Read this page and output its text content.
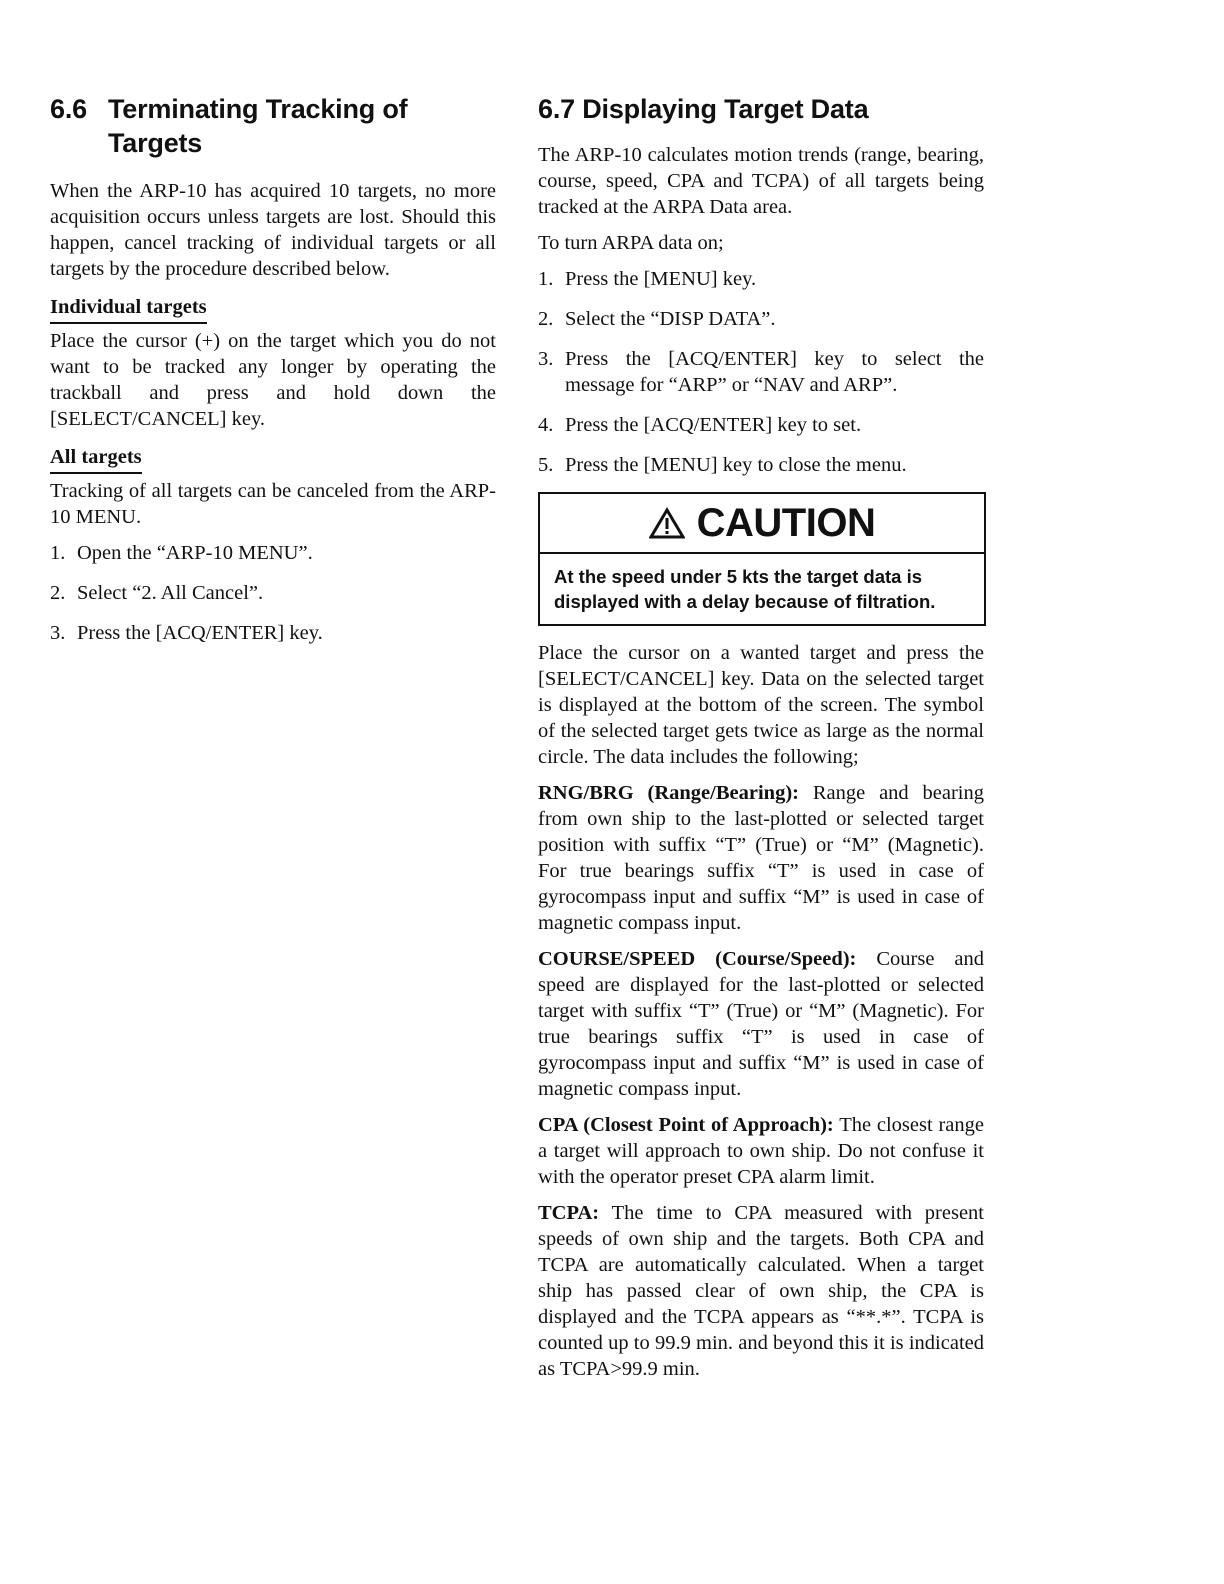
6.6 Terminating Tracking of Targets

When the ARP-10 has acquired 10 targets, no more acquisition occurs unless targets are lost. Should this happen, cancel tracking of individual targets or all targets by the procedure described below.

Individual targets

Place the cursor (+) on the target which you do not want to be tracked any longer by operating the trackball and press and hold down the [SELECT/CANCEL] key.

All targets

Tracking of all targets can be canceled from the ARP-10 MENU.

1. Open the “ARP-10 MENU”.
2. Select “2. All Cancel”.
3. Press the [ACQ/ENTER] key.
6.7 Displaying Target Data

The ARP-10 calculates motion trends (range, bearing, course, speed, CPA and TCPA) of all targets being tracked at the ARPA Data area.

To turn ARPA data on;

1. Press the [MENU] key.
2. Select the “DISP DATA”.
3. Press the [ACQ/ENTER] key to select the message for “ARP” or “NAV and ARP”.
4. Press the [ACQ/ENTER] key to set.
5. Press the [MENU] key to close the menu.
CAUTION
At the speed under 5 kts the target data is displayed with a delay because of filtration.

Place the cursor on a wanted target and press the [SELECT/CANCEL] key. Data on the selected target is displayed at the bottom of the screen. The symbol of the selected target gets twice as large as the normal circle. The data includes the following;

RNG/BRG (Range/Bearing): Range and bearing from own ship to the last-plotted or selected target position with suffix “T” (True) or “M” (Magnetic). For true bearings suffix “T” is used in case of gyrocompass input and suffix “M” is used in case of magnetic compass input.

COURSE/SPEED (Course/Speed): Course and speed are displayed for the last-plotted or selected target with suffix “T” (True) or “M” (Magnetic). For true bearings suffix “T” is used in case of gyrocompass input and suffix “M” is used in case of magnetic compass input.

CPA (Closest Point of Approach): The closest range a target will approach to own ship. Do not confuse it with the operator preset CPA alarm limit.

TCPA: The time to CPA measured with present speeds of own ship and the targets. Both CPA and TCPA are automatically calculated. When a target ship has passed clear of own ship, the CPA is displayed and the TCPA appears as “**.*”. TCPA is counted up to 99.9 min. and beyond this it is indicated as TCPA>99.9 min.
